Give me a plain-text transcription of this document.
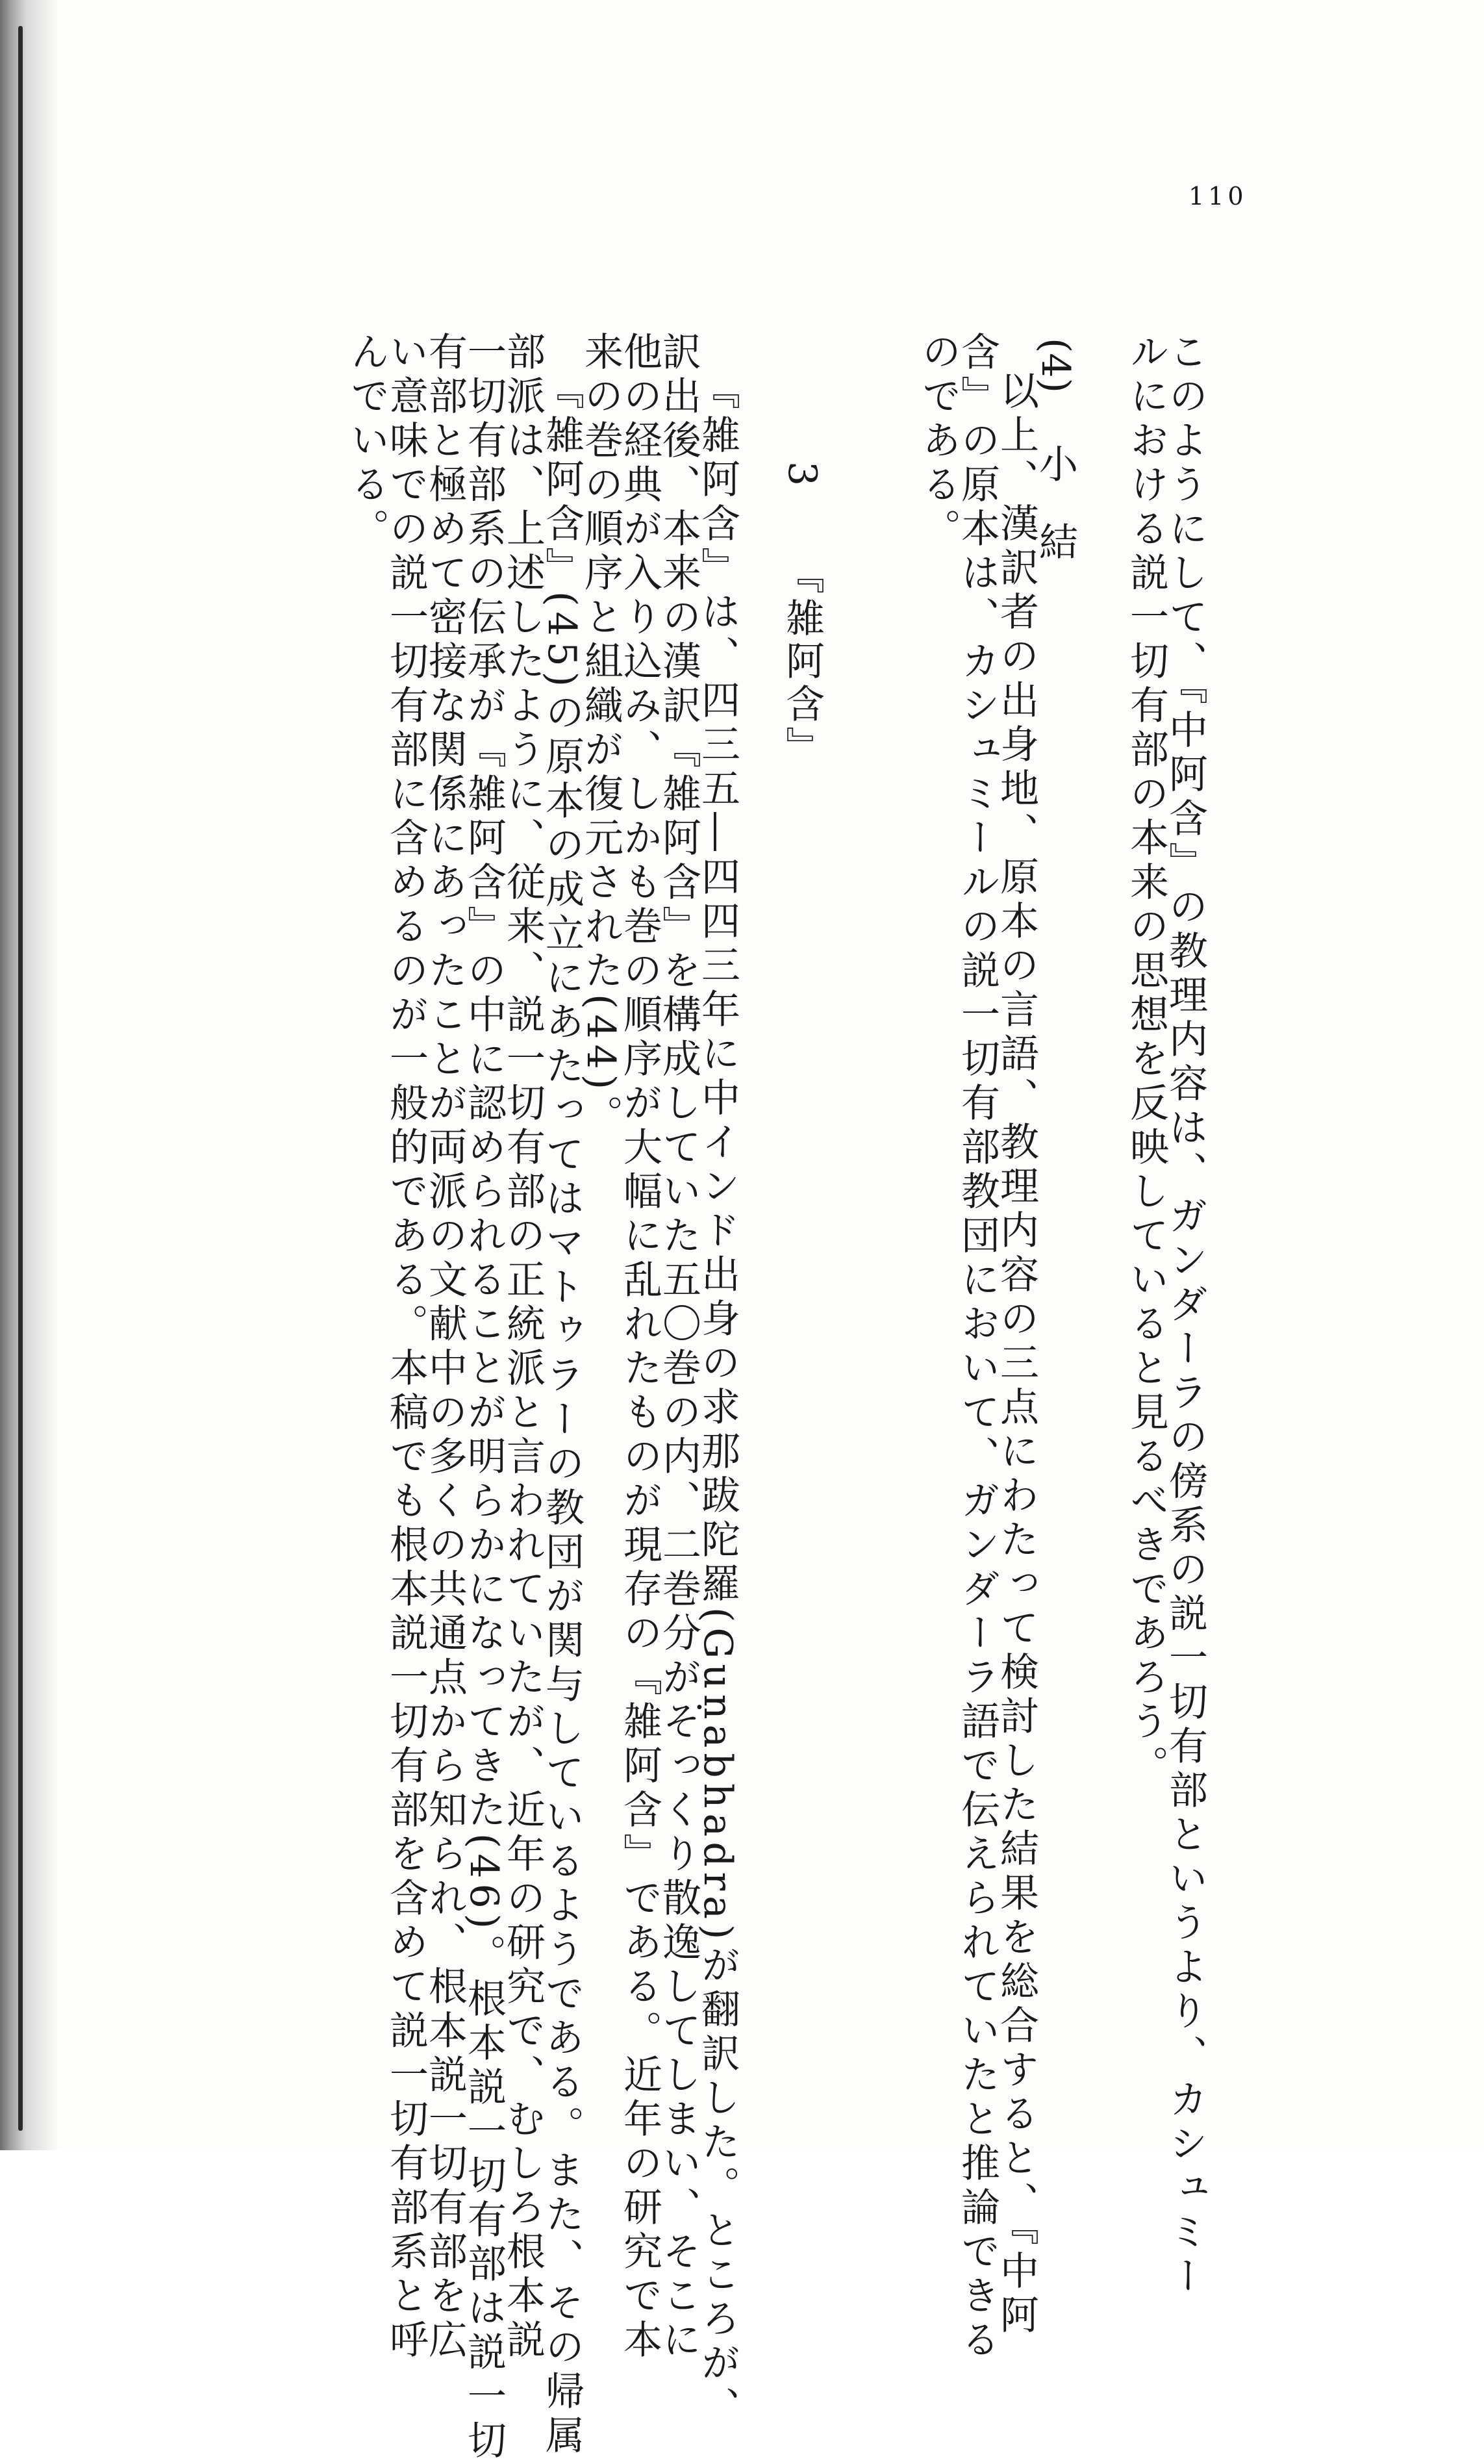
110
このようにして、『中阿含』の教理内容は、ガンダーラの傍系の説一切有部というより、カシュミー
ルにおける説一切有部の本来の思想を反映していると見るべきであろう。
(4)  小結
以上、漢訳者の出身地、原本の言語、教理内容の三点にわたって検討した結果を総合すると、『中阿
含』の原本は、カシュミールの説一切有部教団において、ガンダーラ語で伝えられていたと推論できる
のである。
3  『雑阿含』
『雑阿含』は、四三五―四四三年に中インド出身の求那跋陀羅(Guṇabhadra)が翻訳した。ところが、
訳出後、本来の漢訳『雑阿含』を構成していた五〇巻の内、二巻分がそっくり散逸してしまい、そこに
他の経典が入り込み、しかも巻の順序が大幅に乱れたものが現存の『雑阿含』である。近年の研究で本
来の巻の順序と組織が復元された(44)。
『雑阿含』(45)の原本の成立にあたってはマトゥラーの教団が関与しているようである。また、その帰属
部派は、上述したように、従来、説一切有部の正統派と言われていたが、近年の研究で、むしろ根本説
一切有部系の伝承が『雑阿含』の中に認められることが明らかになってきた(46)。根本説一切有部は説一切
有部と極めて密接な関係にあったことが両派の文献中の多くの共通点から知られ、根本説一切有部を広
い意味での説一切有部に含めるのが一般的である。本稿でも根本説一切有部を含めて説一切有部系と呼
んでいる。
